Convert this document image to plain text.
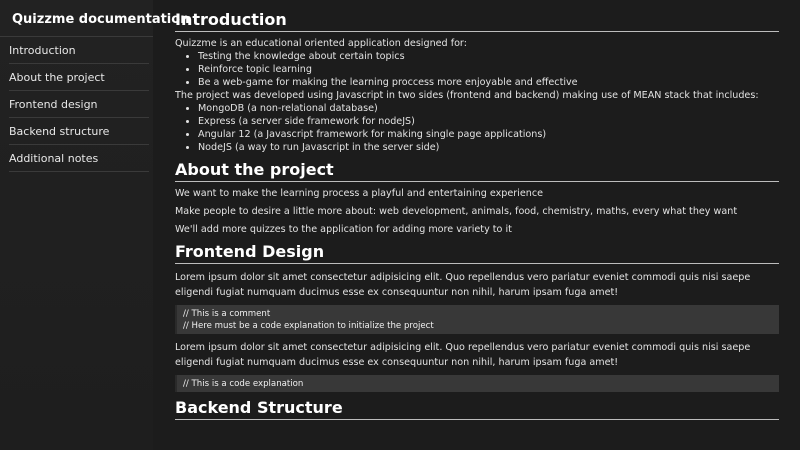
Quizzme documentation
Introduction
About the project
Frontend design
Backend structure
Additional notes
Introduction

Quizzme is an educational oriented application designed for:

• Testing the knowledge about certain topics
• Reinforce topic learning
• Be a web-game for making the learning proccess more enjoyable and effective

The project was developed using Javascript in two sides (frontend and backend) making use of MEAN stack that includes:

• MongoDB (a non-relational database)
• Express (a server side framework for nodeJS)
• Angular 12 (a Javascript framework for making single page applications)
• NodeJS (a way to run Javascript in the server side)
About the project

We want to make the learning process a playful and entertaining experience

Make people to desire a little more about: web development, animals, food, chemistry, maths, every what they want

We'll add more quizzes to the application for adding more variety to it

Frontend Design

Lorem ipsum dolor sit amet consectetur adipisicing elit. Quo repellendus vero pariatur eveniet commodi quis nisi saepe eligendi fugiat numquam ducimus esse ex consequuntur non nihil, harum ipsam fuga amet!

// This is a comment
// Here must be a code explanation to initialize the project

Lorem ipsum dolor sit amet consectetur adipisicing elit. Quo repellendus vero pariatur eveniet commodi quis nisi saepe eligendi fugiat numquam ducimus esse ex consequuntur non nihil, harum ipsam fuga amet!

// This is a code explanation
Backend Structure
